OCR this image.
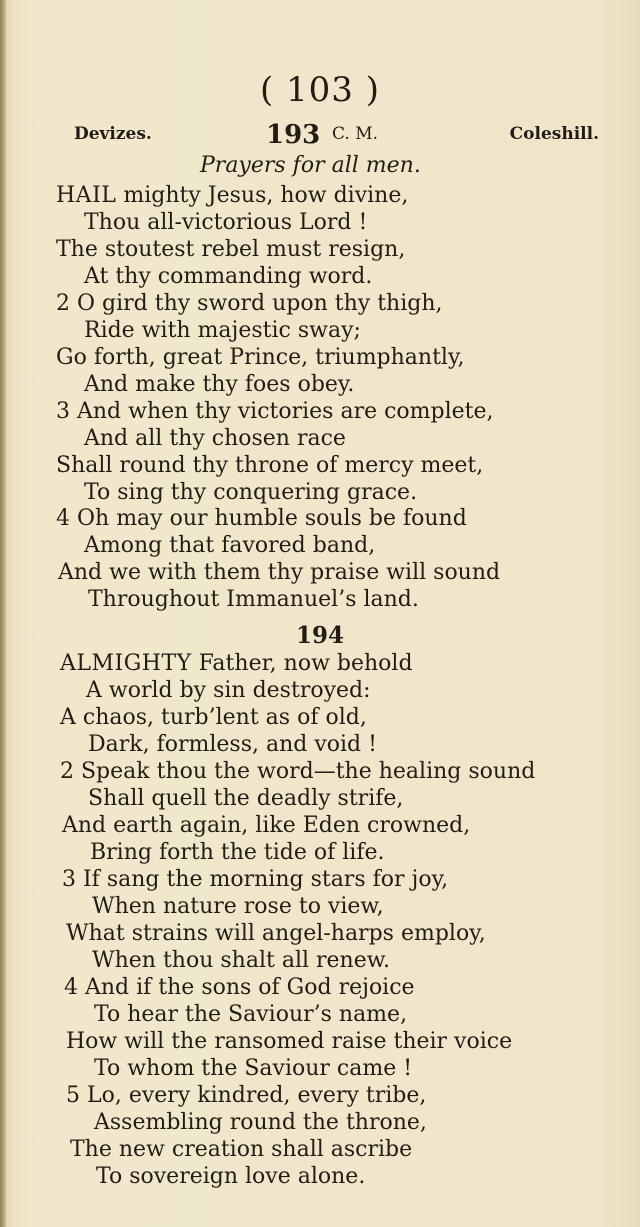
( 103 )
Devizes.	193 C. M.	Coleshill.
Prayers for all men.
HAIL mighty Jesus, how divine,
Thou all-victorious Lord !
The stoutest rebel must resign,
At thy commanding word.
2 O gird thy sword upon thy thigh,
Ride with majestic sway;
Go forth, great Prince, triumphantly,
And make thy foes obey.
3 And when thy victories are complete,
And all thy chosen race
Shall round thy throne of mercy meet,
To sing thy conquering grace.
4 Oh may our humble souls be found
Among that favored band,
And we with them thy praise will sound
Throughout Immanuel’s land.
194
ALMIGHTY Father, now behold
A world by sin destroyed:
A chaos, turb’lent as of old,
Dark, formless, and void !
2 Speak thou the word—the healing sound
Shall quell the deadly strife,
And earth again, like Eden crowned,
Bring forth the tide of life.
3 If sang the morning stars for joy,
When nature rose to view,
What strains will angel-harps employ,
When thou shalt all renew.
4 And if the sons of God rejoice
To hear the Saviour’s name,
How will the ransomed raise their voice
To whom the Saviour came !
5 Lo, every kindred, every tribe,
Assembling round the throne,
The new creation shall ascribe
To sovereign love alone.
